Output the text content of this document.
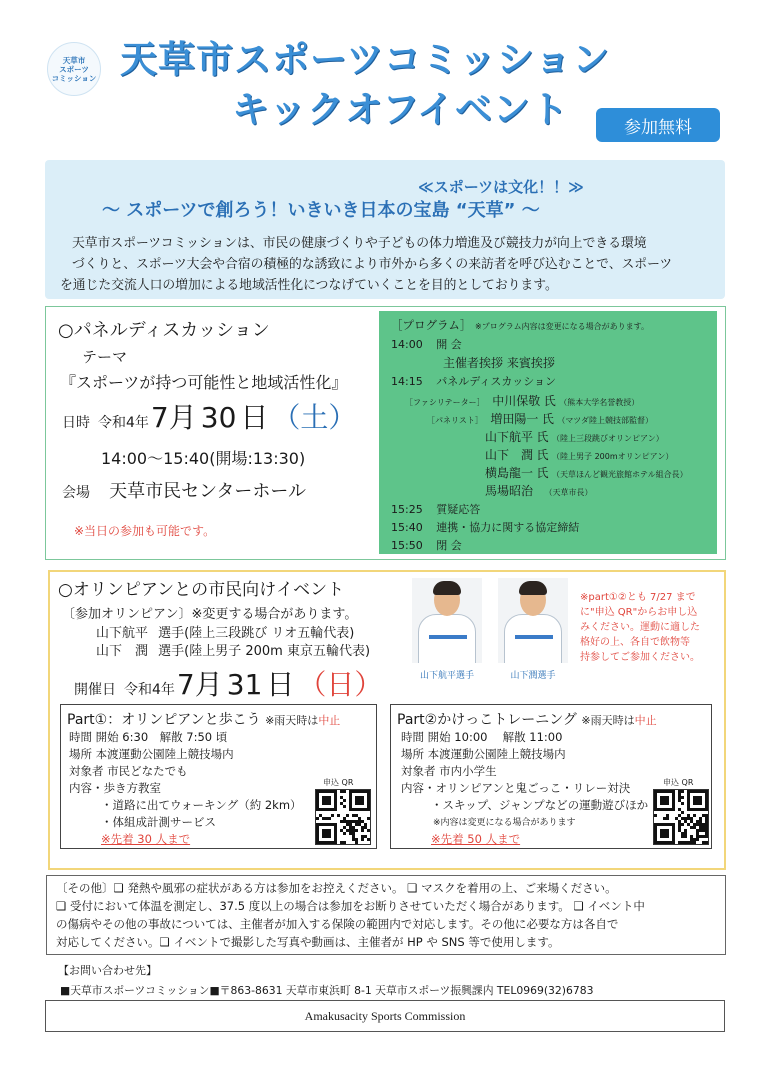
天草市
スポーツ
コミッション 天草市スポーツコミッション
キックオフイベント	参加無料
≪スポーツは文化！！≫
～ スポーツで創ろう！いきいき日本の宝島 “天草” ～
天草市スポーツコミッションは、市民の健康づくりや子どもの体力増進及び競技力が向上できる環境
づくりと、スポーツ大会や合宿の積極的な誘致により市外から多くの来訪者を呼び込むことで、スポーツ
を通じた交流人口の増加による地域活性化につなげていくことを目的としております。
○パネルディスカッション
テーマ
『スポーツが持つ可能性と地域活性化』
日時 令和4年 7月 30 日 （土）
14:00～15:40(開場:13:30)
会場 天草市民センターホール
※当日の参加も可能です。
［プログラム］ ※プログラム内容は変更になる場合があります。
14:00 開 会
主催者挨拶 来賓挨拶
14:15 パネルディスカッション
［ファシリテーター］ 中川保敬 氏 （熊本大学名誉教授）
［パネリスト］ 増田陽一 氏 （マツダ陸上競技部監督）
山下航平 氏 （陸上三段跳びオリンピアン）
山下　潤 氏 （陸上男子 200mオリンピアン）
横島龍一 氏 （天草ほんど観光旅館ホテル組合長）
馬場昭治 （天草市長）
15:25 質疑応答
15:40 連携・協力に関する協定締結
15:50 閉 会
○オリンピアンとの市民向けイベント
〔参加オリンピアン〕※変更する場合があります。
山下航平 選手(陸上三段跳び リオ五輪代表)
山下　潤 選手(陸上男子 200m 東京五輪代表)
山下航平選手	山下潤選手
※part①②とも 7/27 まで
に"申込 QR"からお申し込
みください。運動に適した
格好の上、各自で飲物等
持参してご参加ください。
開催日 令和4年 7月 31 日 （日）
Part①：オリンピアンと歩こう ※雨天時は中止
時間 開始 6:30　解散 7:50 頃
場所 本渡運動公園陸上競技場内
対象者 市民どなたでも
内容・歩き方教室
・道路に出てウォーキング（約 2km）
・体組成計測サービス
※先着 30 人まで
申込 QR
Part②かけっこトレーニング ※雨天時は中止
時間 開始 10:00　 解散 11:00
場所 本渡運動公園陸上競技場内
対象者 市内小学生
内容・オリンピアンと鬼ごっこ・リレー対決
・スキップ、ジャンプなどの運動遊びほか
※内容は変更になる場合があります
※先着 50 人まで
申込 QR
〔その他〕❑ 発熱や風邪の症状がある方は参加をお控えください。 ❑ マスクを着用の上、ご来場ください。
❑ 受付において体温を測定し、37.5 度以上の場合は参加をお断りさせていただく場合があります。 ❑ イベント中
の傷病やその他の事故については、主催者が加入する保険の範囲内で対応します。その他に必要な方は各自で
対応してください。❑ イベントで撮影した写真や動画は、主催者が HP や SNS 等で使用します。
【お問い合わせ先】
■天草市スポーツコミッション■〒863-8631 天草市東浜町 8-1 天草市スポーツ振興課内 TEL0969(32)6783
Amakusacity Sports Commission
